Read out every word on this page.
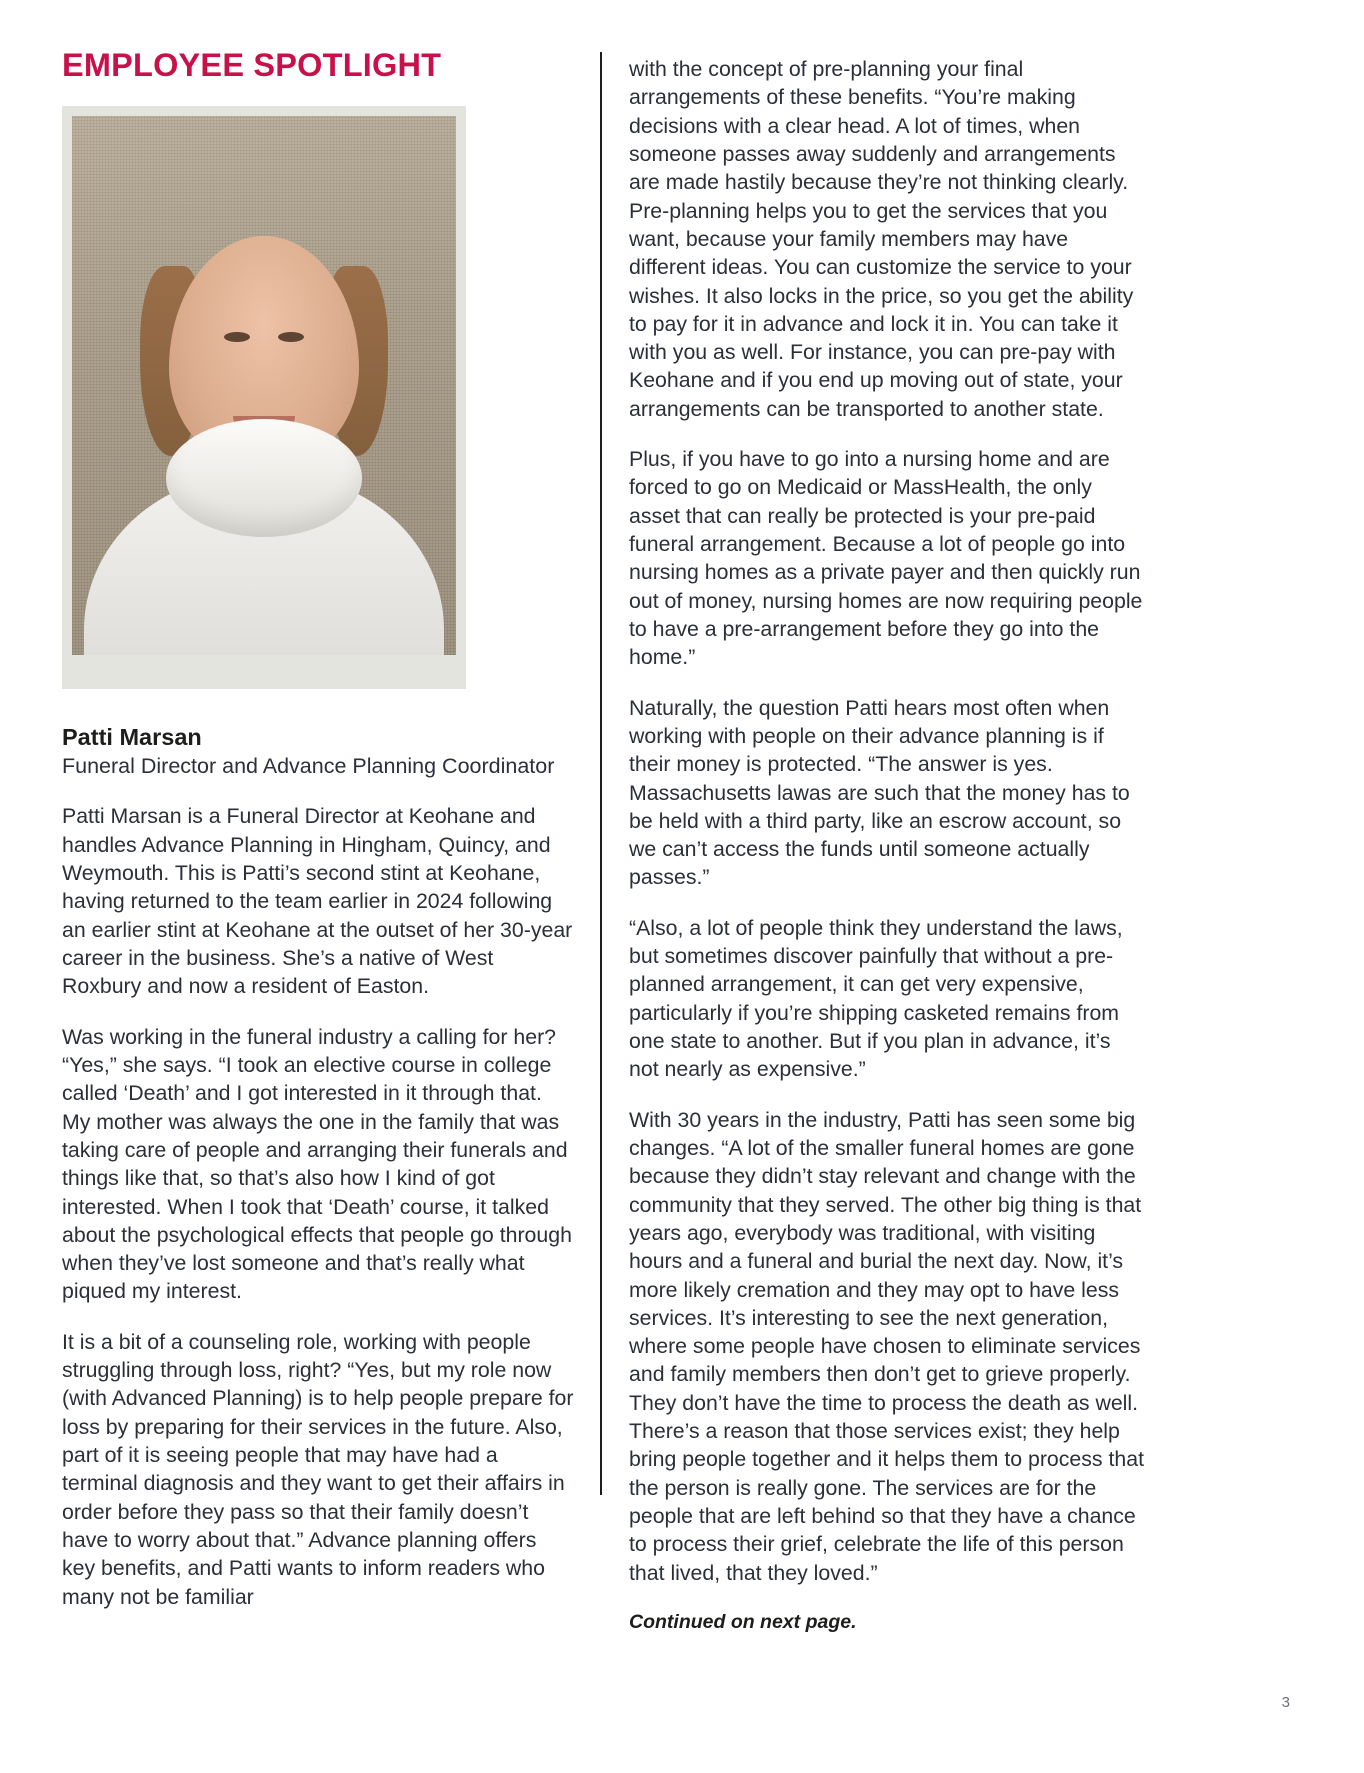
EMPLOYEE SPOTLIGHT

Patti Marsan

Funeral Director and Advance Planning Coordinator

Patti Marsan is a Funeral Director at Keohane and handles Advance Planning in Hingham, Quincy, and Weymouth. This is Patti’s second stint at Keohane, having returned to the team earlier in 2024 following an earlier stint at Keohane at the outset of her 30-year career in the business. She’s a native of West Roxbury and now a resident of Easton.

Was working in the funeral industry a calling for her? “Yes,” she says. “I took an elective course in college called ‘Death’ and I got interested in it through that. My mother was always the one in the family that was taking care of people and arranging their funerals and things like that, so that’s also how I kind of got interested. When I took that ‘Death’ course, it talked about the psychological effects that people go through when they’ve lost someone and that’s really what piqued my interest.

It is a bit of a counseling role, working with people struggling through loss, right? “Yes, but my role now (with Advanced Planning) is to help people prepare for loss by preparing for their services in the future. Also, part of it is seeing people that may have had a terminal diagnosis and they want to get their affairs in order before they pass so that their family doesn’t have to worry about that.” Advance planning offers key benefits, and Patti wants to inform readers who many not be familiar

with the concept of pre-planning your final arrangements of these benefits. “You’re making decisions with a clear head. A lot of times, when someone passes away suddenly and arrangements are made hastily because they’re not thinking clearly. Pre-planning helps you to get the services that you want, because your family members may have different ideas. You can customize the service to your wishes. It also locks in the price, so you get the ability to pay for it in advance and lock it in. You can take it with you as well. For instance, you can pre-pay with Keohane and if you end up moving out of state, your arrangements can be transported to another state.

Plus, if you have to go into a nursing home and are forced to go on Medicaid or MassHealth, the only asset that can really be protected is your pre-paid funeral arrangement. Because a lot of people go into nursing homes as a private payer and then quickly run out of money, nursing homes are now requiring people to have a pre-arrangement before they go into the home.”

Naturally, the question Patti hears most often when working with people on their advance planning is if their money is protected. “The answer is yes. Massachusetts lawas are such that the money has to be held with a third party, like an escrow account, so we can’t access the funds until someone actually passes.”

“Also, a lot of people think they understand the laws, but sometimes discover painfully that without a pre-planned arrangement, it can get very expensive, particularly if you’re shipping casketed remains from one state to another. But if you plan in advance, it’s not nearly as expensive.”

With 30 years in the industry, Patti has seen some big changes. “A lot of the smaller funeral homes are gone because they didn’t stay relevant and change with the community that they served. The other big thing is that years ago, everybody was traditional, with visiting hours and a funeral and burial the next day. Now, it’s more likely cremation and they may opt to have less services. It’s interesting to see the next generation, where some people have chosen to eliminate services and family members then don’t get to grieve properly. They don’t have the time to process the death as well. There’s a reason that those services exist; they help bring people together and it helps them to process that the person is really gone. The services are for the people that are left behind so that they have a chance to process their grief, celebrate the life of this person that lived, that they loved.”

Continued on next page.

3
